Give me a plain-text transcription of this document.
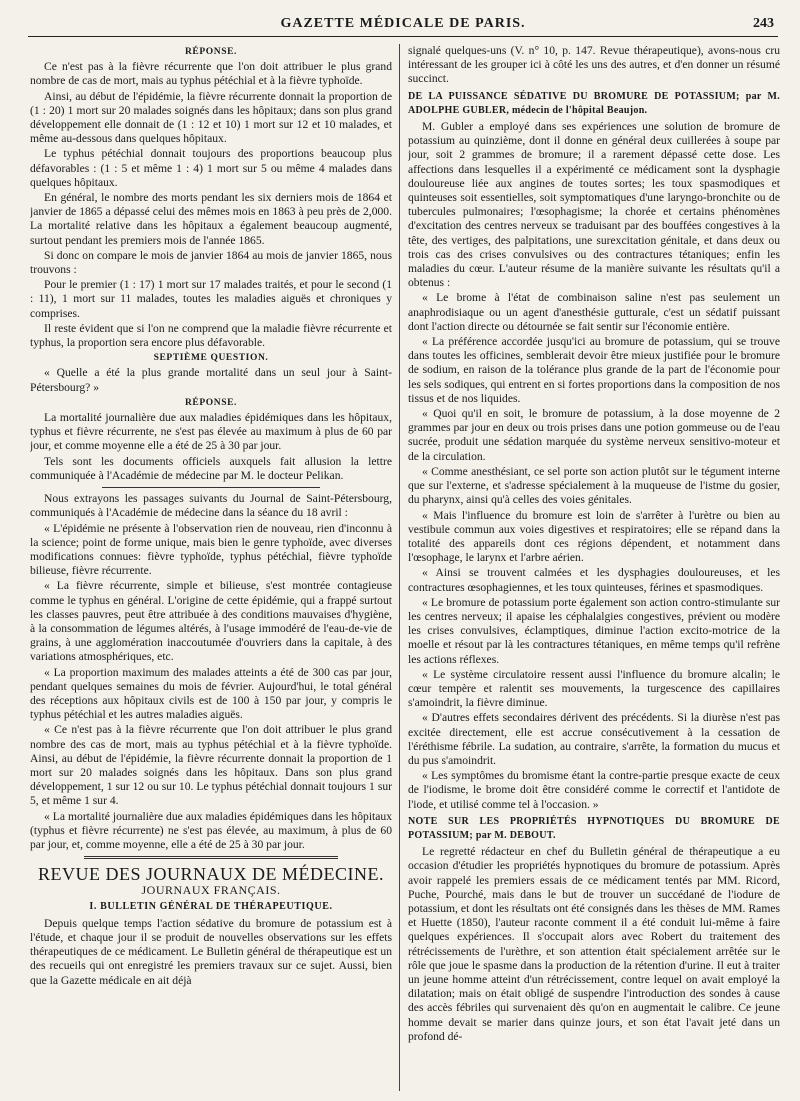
GAZETTE MÉDICALE DE PARIS.	243
RÉPONSE.

Ce n'est pas à la fièvre récurrente que l'on doit attribuer le plus grand nombre de cas de mort, mais au typhus pétéchial et à la fièvre typhoïde.

Ainsi, au début de l'épidémie, la fièvre récurrente donnait la proportion de (1 : 20) 1 mort sur 20 malades soignés dans les hôpitaux; dans son plus grand développement elle donnait de (1 : 12 et 10) 1 mort sur 12 et 10 malades, et même au-dessous dans quelques hôpitaux.

Le typhus pétéchial donnait toujours des proportions beaucoup plus défavorables : (1 : 5 et même 1 : 4) 1 mort sur 5 ou même 4 malades dans quelques hôpitaux.

En général, le nombre des morts pendant les six derniers mois de 1864 et janvier de 1865 a dépassé celui des mêmes mois en 1863 à peu près de 2,000. La mortalité relative dans les hôpitaux a également beaucoup augmenté, surtout pendant les premiers mois de l'année 1865.

Si donc on compare le mois de janvier 1864 au mois de janvier 1865, nous trouvons :

Pour le premier (1 : 17) 1 mort sur 17 malades traités, et pour le second (1 : 11), 1 mort sur 11 malades, toutes les maladies aiguës et chroniques y comprises.

Il reste évident que si l'on ne comprend que la maladie fièvre récurrente et typhus, la proportion sera encore plus défavorable.

SEPTIÈME QUESTION.

« Quelle a été la plus grande mortalité dans un seul jour à Saint-Pétersbourg? »

RÉPONSE.

La mortalité journalière due aux maladies épidémiques dans les hôpitaux, typhus et fièvre récurrente, ne s'est pas élevée au maximum à plus de 60 par jour, et comme moyenne elle a été de 25 à 30 par jour.

Tels sont les documents officiels auxquels fait allusion la lettre communiquée à l'Académie de médecine par M. le docteur Pelikan.

Nous extrayons les passages suivants du Journal de Saint-Pétersbourg, communiqués à l'Académie de médecine dans la séance du 18 avril :

« L'épidémie ne présente à l'observation rien de nouveau, rien d'inconnu à la science; point de forme unique, mais bien le genre typhoïde, avec diverses modifications connues: fièvre typhoïde, typhus pétéchial, fièvre typhoïde bilieuse, fièvre récurrente.

« La fièvre récurrente, simple et bilieuse, s'est montrée contagieuse comme le typhus en général. L'origine de cette épidémie, qui a frappé surtout les classes pauvres, peut être attribuée à des conditions mauvaises d'hygiène, à la consommation de légumes altérés, à l'usage immodéré de l'eau-de-vie de grains, à une agglomération inaccoutumée d'ouvriers dans la capitale, à des variations atmosphériques, etc.

« La proportion maximum des malades atteints a été de 300 cas par jour, pendant quelques semaines du mois de février. Aujourd'hui, le total général des réceptions aux hôpitaux civils est de 100 à 150 par jour, y compris le typhus pétéchial et les autres maladies aiguës.

« Ce n'est pas à la fièvre récurrente que l'on doit attribuer le plus grand nombre des cas de mort, mais au typhus pétéchial et à la fièvre typhoïde. Ainsi, au début de l'épidémie, la fièvre récurrente donnait la proportion de 1 mort sur 20 malades soignés dans les hôpitaux. Dans son plus grand développement, 1 sur 12 ou sur 10. Le typhus pétéchial donnait toujours 1 sur 5, et même 1 sur 4.

« La mortalité journalière due aux maladies épidémiques dans les hôpitaux (typhus et fièvre récurrente) ne s'est pas élevée, au maximum, à plus de 60 par jour, et, comme moyenne, elle a été de 25 à 30 par jour.

REVUE DES JOURNAUX DE MÉDECINE.
JOURNAUX FRANÇAIS.
I. BULLETIN GÉNÉRAL DE THÉRAPEUTIQUE.

Depuis quelque temps l'action sédative du bromure de potassium est à l'étude, et chaque jour il se produit de nouvelles observations sur les effets thérapeutiques de ce médicament. Le Bulletin général de thérapeutique est un des recueils qui ont enregistré les premiers travaux sur ce sujet. Aussi, bien que la Gazette médicale en ait déjà

signalé quelques-uns (V. n° 10, p. 147. Revue thérapeutique), avons-nous cru intéressant de les grouper ici à côté les uns des autres, et d'en donner un résumé succinct.

DE LA PUISSANCE SÉDATIVE DU BROMURE DE POTASSIUM; par M. ADOLPHE GUBLER, médecin de l'hôpital Beaujon.

M. Gubler a employé dans ses expériences une solution de bromure de potassium au quinzième, dont il donne en général deux cuillerées à soupe par jour, soit 2 grammes de bromure; il a rarement dépassé cette dose. Les affections dans lesquelles il a expérimenté ce médicament sont la dysphagie douloureuse liée aux angines de toutes sortes; les toux spasmodiques et quinteuses soit essentielles, soit symptomatiques d'une laryngo-bronchite ou de tubercules pulmonaires; l'œsophagisme; la chorée et certains phénomènes d'excitation des centres nerveux se traduisant par des bouffées congestives à la tête, des vertiges, des palpitations, une surexcitation génitale, et dans deux ou trois cas des crises convulsives ou des contractures tétaniques; enfin les maladies du cœur. L'auteur résume de la manière suivante les résultats qu'il a obtenus :

« Le brome à l'état de combinaison saline n'est pas seulement un anaphrodisiaque ou un agent d'anesthésie gutturale, c'est un sédatif puissant dont l'action directe ou détournée se fait sentir sur l'économie entière.

« La préférence accordée jusqu'ici au bromure de potassium, qui se trouve dans toutes les officines, semblerait devoir être mieux justifiée pour le bromure de sodium, en raison de la tolérance plus grande de la part de l'économie pour les sels sodiques, qui entrent en si fortes proportions dans la composition de nos tissus et de nos liquides.

« Quoi qu'il en soit, le bromure de potassium, à la dose moyenne de 2 grammes par jour en deux ou trois prises dans une potion gommeuse ou de l'eau sucrée, produit une sédation marquée du système nerveux sensitivo-moteur et de la circulation.

« Comme anesthésiant, ce sel porte son action plutôt sur le tégument interne que sur l'externe, et s'adresse spécialement à la muqueuse de l'istme du gosier, du pharynx, ainsi qu'à celles des voies génitales.

« Mais l'influence du bromure est loin de s'arrêter à l'urètre ou bien au vestibule commun aux voies digestives et respiratoires; elle se répand dans la totalité des appareils dont ces régions dépendent, et notamment dans l'œsophage, le larynx et l'arbre aérien.

« Ainsi se trouvent calmées et les dysphagies douloureuses, et les contractures œsophagiennes, et les toux quinteuses, férines et spasmodiques.

« Le bromure de potassium porte également son action contro-stimulante sur les centres nerveux; il apaise les céphalalgies congestives, prévient ou modère les crises convulsives, éclamptiques, diminue l'action excito-motrice de la moelle et résout par là les contractures tétaniques, en même temps qu'il refrène les actions réflexes.

« Le système circulatoire ressent aussi l'influence du bromure alcalin; le cœur tempère et ralentit ses mouvements, la turgescence des capillaires s'amoindrit, la fièvre diminue.

« D'autres effets secondaires dérivent des précédents. Si la diurèse n'est pas excitée directement, elle est accrue consécutivement à la cessation de l'éréthisme fébrile. La sudation, au contraire, s'arrête, la formation du mucus et du pus s'amoindrit.

« Les symptômes du bromisme étant la contre-partie presque exacte de ceux de l'iodisme, le brome doit être considéré comme le correctif et l'antidote de l'iode, et utilisé comme tel à l'occasion. »

NOTE SUR LES PROPRIÉTÉS HYPNOTIQUES DU BROMURE DE POTASSIUM; par M. DEBOUT.

Le regretté rédacteur en chef du Bulletin général de thérapeutique a eu occasion d'étudier les propriétés hypnotiques du bromure de potassium. Après avoir rappelé les premiers essais de ce médicament tentés par MM. Ricord, Puche, Pourché, mais dans le but de trouver un succédané de l'iodure de potassium, et dont les résultats ont été consignés dans les thèses de MM. Rames et Huette (1850), l'auteur raconte comment il a été conduit lui-même à faire quelques expériences. Il s'occupait alors avec Robert du traitement des rétrécissements de l'urèthre, et son attention était spécialement arrêtée sur le rôle que joue le spasme dans la production de la rétention d'urine. Il eut à traiter un jeune homme atteint d'un rétrécissement, contre lequel on avait employé la dilatation; mais on était obligé de suspendre l'introduction des sondes à cause des accès fébriles qui survenaient dès qu'on en augmentait le calibre. Ce jeune homme devait se marier dans quinze jours, et son état l'avait jeté dans un profond dé-
